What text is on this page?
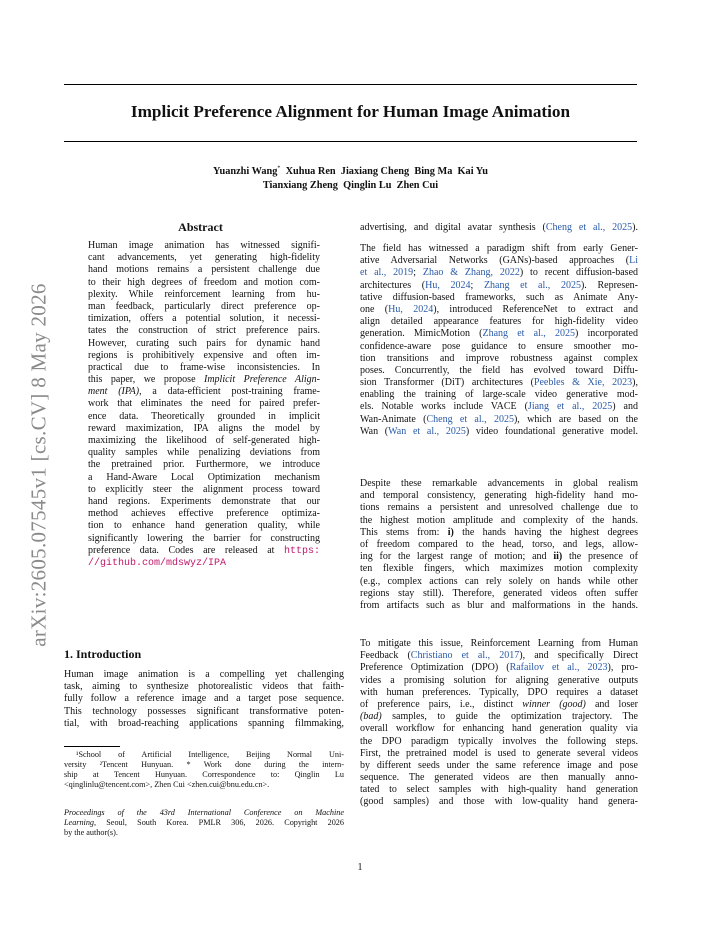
arXiv:2605.07545v1 [cs.CV] 8 May 2026
Implicit Preference Alignment for Human Image Animation
Yuanzhi Wang* Xuhua Ren Jiaxiang Cheng Bing Ma Kai Yu
Tianxiang Zheng Qinglin Lu Zhen Cui
Abstract
Human image animation has witnessed signifi-
cant advancements, yet generating high-fidelity
hand motions remains a persistent challenge due
to their high degrees of freedom and motion com-
plexity. While reinforcement learning from hu-
man feedback, particularly direct preference op-
timization, offers a potential solution, it necessi-
tates the construction of strict preference pairs.
However, curating such pairs for dynamic hand
regions is prohibitively expensive and often im-
practical due to frame-wise inconsistencies. In
this paper, we propose Implicit Preference Align-
ment (IPA), a data-efficient post-training frame-
work that eliminates the need for paired prefer-
ence data. Theoretically grounded in implicit
reward maximization, IPA aligns the model by
maximizing the likelihood of self-generated high-
quality samples while penalizing deviations from
the pretrained prior. Furthermore, we introduce
a Hand-Aware Local Optimization mechanism
to explicitly steer the alignment process toward
hand regions. Experiments demonstrate that our
method achieves effective preference optimiza-
tion to enhance hand generation quality, while
significantly lowering the barrier for constructing
preference data. Codes are released at https:
//github.com/mdswyz/IPA
1. Introduction
Human image animation is a compelling yet challenging
task, aiming to synthesize photorealistic videos that faith-
fully follow a reference image and a target pose sequence.
This technology possesses significant transformative poten-
tial, with broad-reaching applications spanning filmmaking,
¹School of Artificial Intelligence, Beijing Normal Uni-
versity ²Tencent Hunyuan. * Work done during the intern-
ship at Tencent Hunyuan. Correspondence to: Qinglin Lu
<qinglinlu@tencent.com>, Zhen Cui <zhen.cui@bnu.edu.cn>.
Proceedings of the 43rd International Conference on Machine
Learning, Seoul, South Korea. PMLR 306, 2026. Copyright 2026
by the author(s).
advertising, and digital avatar synthesis (Cheng et al., 2025).
The field has witnessed a paradigm shift from early Gener-
ative Adversarial Networks (GANs)-based approaches (Li
et al., 2019; Zhao & Zhang, 2022) to recent diffusion-based
architectures (Hu, 2024; Zhang et al., 2025). Represen-
tative diffusion-based frameworks, such as Animate Any-
one (Hu, 2024), introduced ReferenceNet to extract and
align detailed appearance features for high-fidelity video
generation. MimicMotion (Zhang et al., 2025) incorporated
confidence-aware pose guidance to ensure smoother mo-
tion transitions and improve robustness against complex
poses. Concurrently, the field has evolved toward Diffu-
sion Transformer (DiT) architectures (Peebles & Xie, 2023),
enabling the training of large-scale video generative mod-
els. Notable works include VACE (Jiang et al., 2025) and
Wan-Animate (Cheng et al., 2025), which are based on the
Wan (Wan et al., 2025) video foundational generative model.
Despite these remarkable advancements in global realism
and temporal consistency, generating high-fidelity hand mo-
tions remains a persistent and unresolved challenge due to
the highest motion amplitude and complexity of the hands.
This stems from: i) the hands having the highest degrees
of freedom compared to the head, torso, and legs, allow-
ing for the largest range of motion; and ii) the presence of
ten flexible fingers, which maximizes motion complexity
(e.g., complex actions can rely solely on hands while other
regions stay still). Therefore, generated videos often suffer
from artifacts such as blur and malformations in the hands.
To mitigate this issue, Reinforcement Learning from Human
Feedback (Christiano et al., 2017), and specifically Direct
Preference Optimization (DPO) (Rafailov et al., 2023), pro-
vides a promising solution for aligning generative outputs
with human preferences. Typically, DPO requires a dataset
of preference pairs, i.e., distinct winner (good) and loser
(bad) samples, to guide the optimization trajectory. The
overall workflow for enhancing hand generation quality via
the DPO paradigm typically involves the following steps.
First, the pretrained model is used to generate several videos
by different seeds under the same reference image and pose
sequence. The generated videos are then manually anno-
tated to select samples with high-quality hand generation
(good samples) and those with low-quality hand genera-
1
